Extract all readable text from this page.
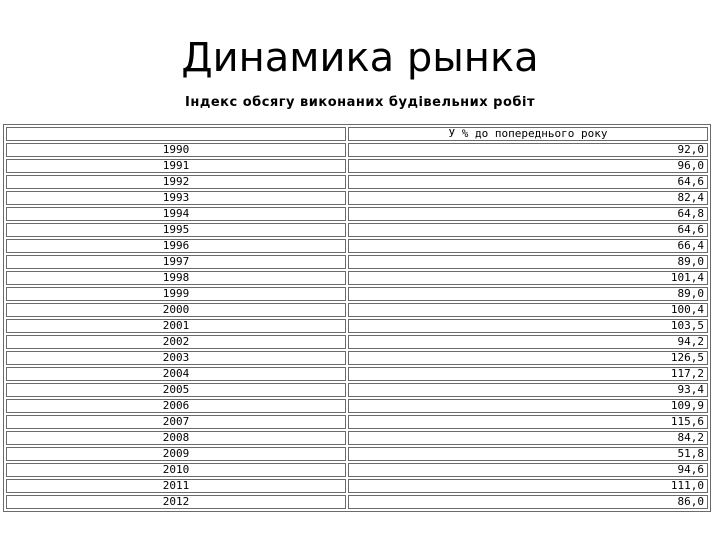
Динамика рынка
Індекс обсягу виконаних будівельних робіт
	У % до попереднього року
1990	92,0
1991	96,0
1992	64,6
1993	82,4
1994	64,8
1995	64,6
1996	66,4
1997	89,0
1998	101,4
1999	89,0
2000	100,4
2001	103,5
2002	94,2
2003	126,5
2004	117,2
2005	93,4
2006	109,9
2007	115,6
2008	84,2
2009	51,8
2010	94,6
2011	111,0
2012	86,0
